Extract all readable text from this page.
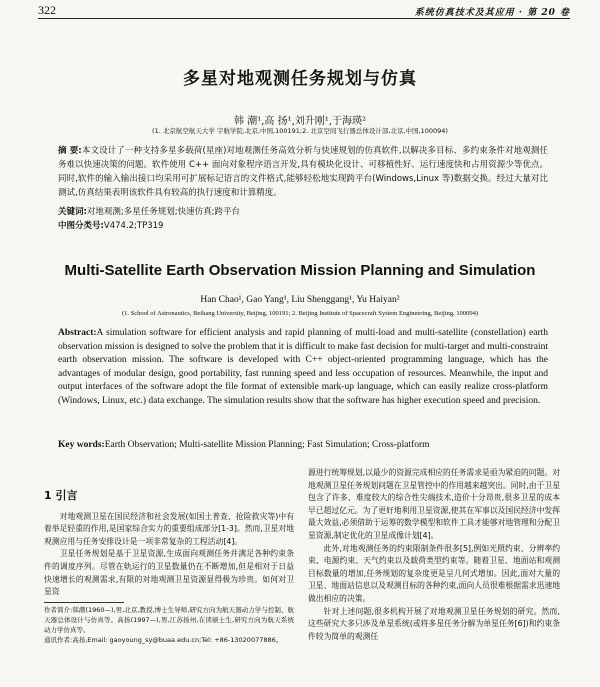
322	系统仿真技术及其应用 · 第 20 卷
多星对地观测任务规划与仿真
韩 潮¹,高 扬¹,刘升刚¹,于海瑛²
(1. 北京航空航天大学 宇航学院,北京,中国,100191;2. 北京空间飞行器总体设计部,北京,中国,100094)
摘 要:本文设计了一种支持多星多载荷(星座)对地观测任务高效分析与快速规划的仿真软件,以解决多目标、多约束条件对地观测任务难以快速决策的问题。软件使用 C++ 面向对象程序语言开发,具有模块化设计、可移植性好、运行速度快和占用资源少等优点。同时,软件的输入输出接口均采用可扩展标记语言的文件格式,能够轻松地实现跨平台(Windows,Linux 等)数据交换。经过大量对比测试,仿真结果表明该软件具有较高的执行速度和计算精度。
关键词:对地观测;多星任务规划;快速仿真;跨平台
中图分类号:V474.2;TP319
Multi-Satellite Earth Observation Mission Planning and Simulation
Han Chao¹, Gao Yang¹, Liu Shenggang¹, Yu Haiyan²
(1. School of Astronautics, Beihang University, Beijing, 100191; 2. Beijing Institute of Spacecraft System Engineering, Beijing, 100094)
Abstract:A simulation software for efficient analysis and rapid planning of multi-load and multi-satellite (constellation) earth observation mission is designed to solve the problem that it is difficult to make fast decision for multi-target and multi-constraint earth observation mission. The software is developed with C++ object-oriented programming language, which has the advantages of modular design, good portability, fast running speed and less occupation of resources. Meanwhile, the input and output interfaces of the software adopt the file format of extensible mark-up language, which can easily realize cross-platform (Windows, Linux, etc.) data exchange. The simulation results show that the software has higher execution speed and precision.
Key words:Earth Observation; Multi-satellite Mission Planning; Fast Simulation; Cross-platform
1 引言

对地观测卫星在国民经济和社会发展(如国土普查、抢险救灾等)中有着举足轻重的作用,是国家综合实力的重要组成部分[1-3]。然而,卫星对地观测应用与任务安排设计是一项非常复杂的工程活动[4]。

卫星任务规划是基于卫星资源,生成面向观测任务并满足各种约束条件的调度序列。尽管在轨运行的卫星数量仍在不断增加,但是相对于日益快速增长的观测需求,有限的对地观测卫星资源显得极为珍贵。如何对卫星资

作者简介:韩潮(1960—),男,北京,教授,博士生导师,研究方向为航天器动力学与控制、航天器总体设计与仿真等。高扬(1997—),男,江苏扬州,在读硕士生,研究方向为航天系统动力学仿真等。
通讯作者:高扬,Email: gaoyoung_sy@buaa.edu.cn;Tel: +86-13020077886。

源进行统筹规划,以最少的资源完成相应的任务需求是亟为紧迫的问题。对地观测卫星任务规划问题在卫星管控中的作用越来越突出。同时,由于卫星包含了许多、难度较大的综合性尖端技术,造价十分昂贵,很多卫星的成本早已超过亿元。为了更好地利用卫星资源,使其在军事以及国民经济中发挥最大效益,必须借助于运筹的数学模型和软件工具才能够对地管理和分配卫星资源,制定优化的卫星成像计划[4]。

此外,对地观测任务的约束限制条件很多[5],例如光照约束、分辨率约束、电源约束、天气约束以及载荷类型约束等。随着卫星、地面站和观测目标数量的增加,任务规划的复杂度更是呈几何式增加。因此,面对大量的卫星、地面站信息以及观测目标的各种约束,面向人员很难根据需求迅速地做出相应的决策。

针对上述问题,很多机构开展了对地观测卫星任务规划的研究。然而,这些研究大多只涉及单星系统(或将多星任务分解为单星任务[6])和约束条件较为简单的观测任
